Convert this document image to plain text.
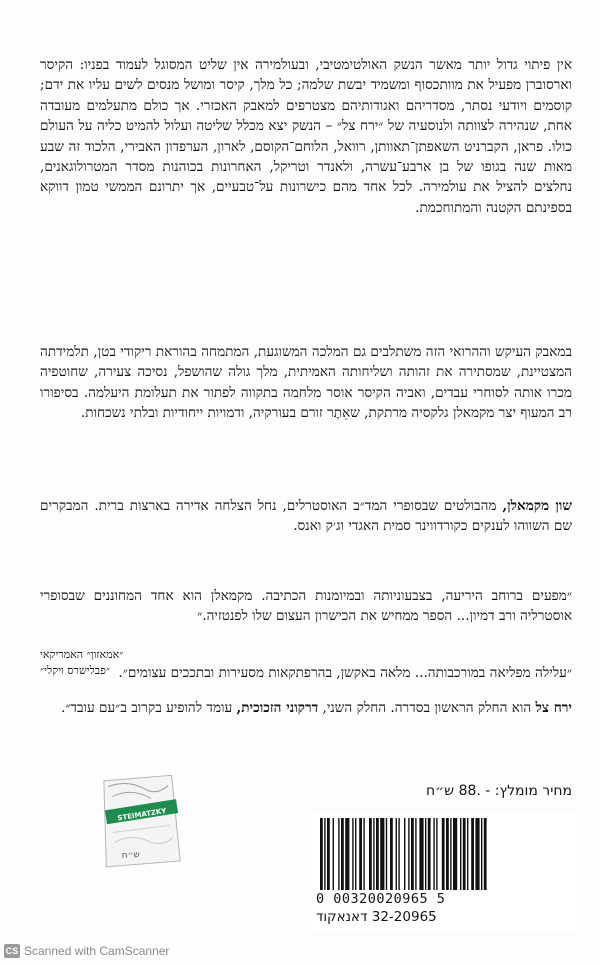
אין פיתוי גדול יותר מאשר הנשק האולטימטיבי, ובעולמירה אין שליט המסוגל לעמוד בפניו: הקיסר וארסוברן מפעיל את מוותכסוף ומשמיד יבשת שלמה; כל מלך, קיסר ומושל מנסים לשים עליו את ידם; קוסמים ויודעי נסתר, מסדריהם ואגודותיהם מצטרפים למאבק האכזרי. אך כולם מתעלמים מעובדה אחת, שנהירה לצוותה ולנוסעיה של ״ירח צל״ – הנשק יצא מכלל שליטה ועלול להמיט כליה על העולם כולו. פראן, הקברניט השאפתן־תאוותן, רוואל, הלוחם־הקוסם, לארון, הערפדון האבירי, הלכוד זה שבע מאות שנה בגופו של בן ארבע־עשרה, ולאנדר וטריקל, האחרונות בכוהנות מסדר המטרולוגאנים, נחלצים להציל את עולמירה. לכל אחד מהם כישרונות על־טבעיים, אך יתרונם הממשי טמון דווקא בספינתם הקטנה והמתוחכמת.

במאבק העיקש וההרואי הזה משתלבים גם המלכה המשוגעת, המתמחה בהוראת ריקודי בטן, תלמידתה המצטיינת, שמסתירה את זהותה ושליחותה האמיתית, מלך גולה שהושפל, נסיכה צעירה, שחוטפיה מכרו אותה לסוחרי עבדים, ואביה הקיסר אוסר מלחמה בתקווה לפתור את תעלומת היעלמה. בסיפורו רב המעוף יצר מקמאלן גלקסיה מרתקת, שאֵתֶר זורם בעורקיה, ודמויות ייחודיות ובלתי נשכחות.

שון מקמאלן, מהבולטים שבסופרי המד״ב האוסטרלים, נחל הצלחה אדירה בארצות ברית. המבקרים שם השווהו לענקים כקורדווינר סמית האגדי וג׳ק ואנס.

״מפעים ברוחב היריעה, בצבעוניותה ובמיומנות הכתיבה. מקמאלן הוא אחד המחוננים שבסופרי אוסטרליה ורב דמיון... הספר ממחיש את הכישרון העצום שלו לפנטזיה.״

״אמאזון״ האמריקאי

״עלילה מפליאה במורכבותה... מלאה באקשן, בהרפתקאות מסעירות ובתככים עצומים״.
״פבלישרס ויקלי״

ירח צל הוא החלק הראשון בסדרה. החלק השני, דרקוני הזכוכית, עומד להופיע בקרוב ב״עם עובד״.

מחיר מומלץ: - .88 ש״ח
0 00320020965 5
32-20965 דאנאקוד
STEIMATZKY
ש״ח
CS Scanned with CamScanner
